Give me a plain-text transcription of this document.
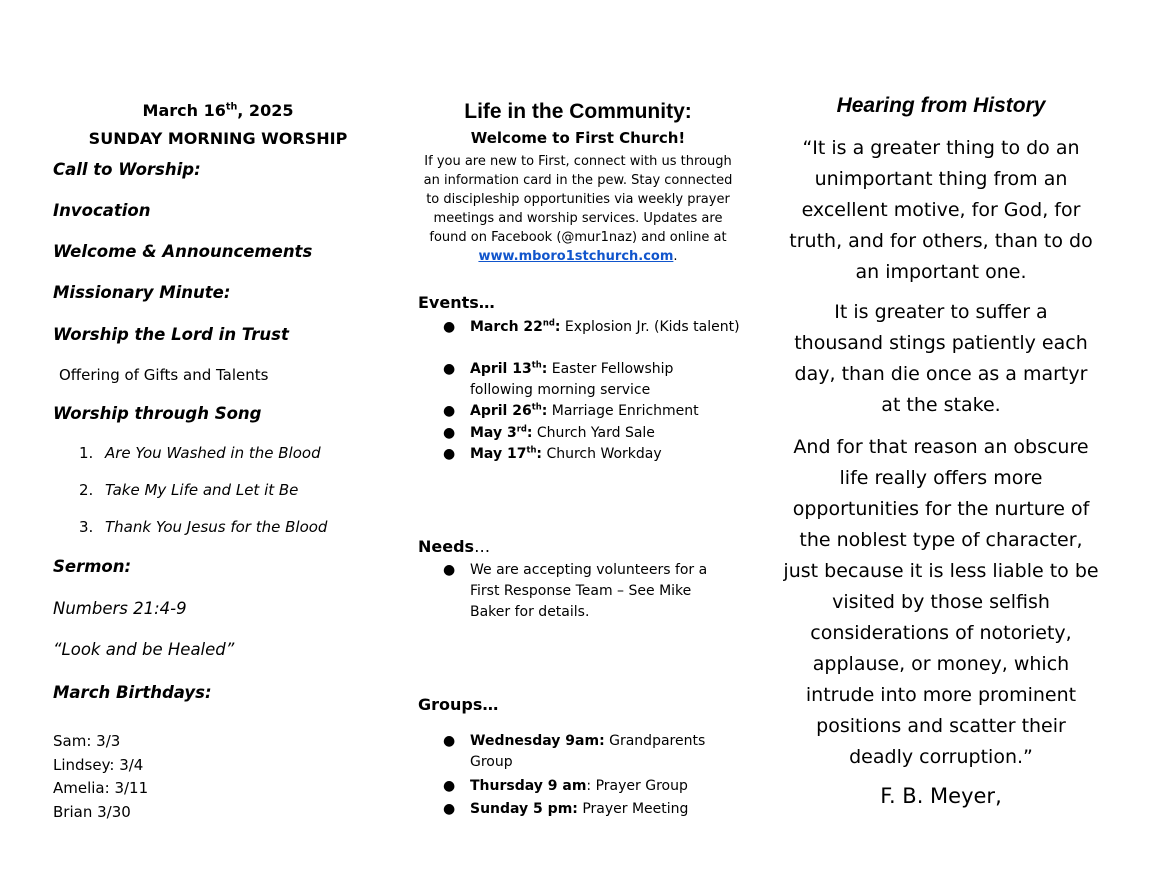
March 16th, 2025
SUNDAY MORNING WORSHIP
Call to Worship:
Invocation
Welcome & Announcements
Missionary Minute:
Worship the Lord in Trust
Offering of Gifts and Talents
Worship through Song
1. Are You Washed in the Blood
2. Take My Life and Let it Be
3. Thank You Jesus for the Blood
Sermon:
Numbers 21:4-9
“Look and be Healed”
March Birthdays:
Sam: 3/3
Lindsey: 3/4
Amelia: 3/11
Brian 3/30
Life in the Community:
Welcome to First Church!
If you are new to First, connect with us through an information card in the pew. Stay connected to discipleship opportunities via weekly prayer meetings and worship services. Updates are found on Facebook (@mur1naz) and online at www.mboro1stchurch.com.
Events…
● March 22nd: Explosion Jr. (Kids talent)
● April 13th: Easter Fellowship following morning service
● April 26th: Marriage Enrichment
● May 3rd: Church Yard Sale
● May 17th: Church Workday
Needs…
● We are accepting volunteers for a First Response Team – See Mike Baker for details.
Groups…
● Wednesday 9am: Grandparents Group
● Thursday 9 am: Prayer Group
● Sunday 5 pm: Prayer Meeting
Hearing from History
“It is a greater thing to do an unimportant thing from an excellent motive, for God, for truth, and for others, than to do an important one.
It is greater to suffer a thousand stings patiently each day, than die once as a martyr at the stake.
And for that reason an obscure life really offers more opportunities for the nurture of the noblest type of character, just because it is less liable to be visited by those selfish considerations of notoriety, applause, or money, which intrude into more prominent positions and scatter their deadly corruption.”
F. B. Meyer,
